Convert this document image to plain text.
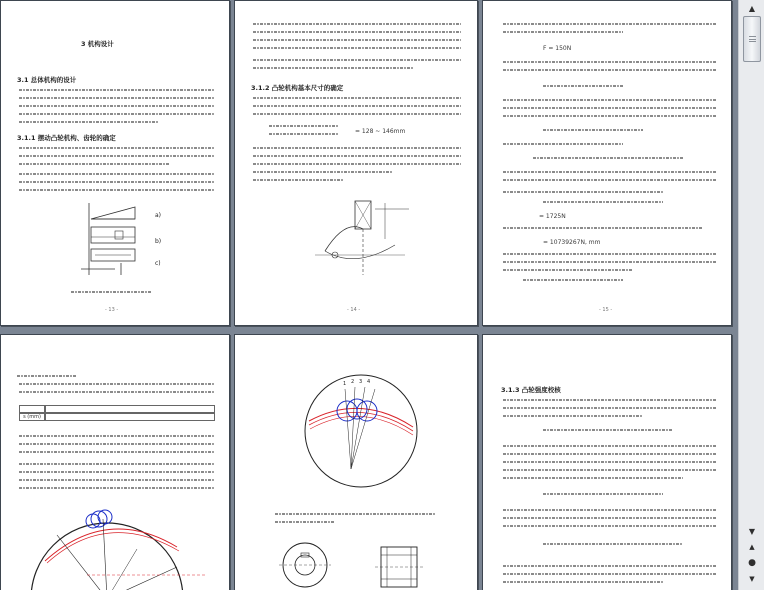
3 机构设计
3.1 总体机构的设计
3.1.1 摆动凸轮机构、齿轮的确定
a)
b)
c)
- 13 -
3.1.2 凸轮机构基本尺寸的确定
= 128 ~ 146mm
- 14 -
F = 150N
= 1725N
= 10739267N, mm
- 15 -
s (mm)
1 2 3 4
3.1.3 凸轮强度校核
▲
▼
▲
●
▼
